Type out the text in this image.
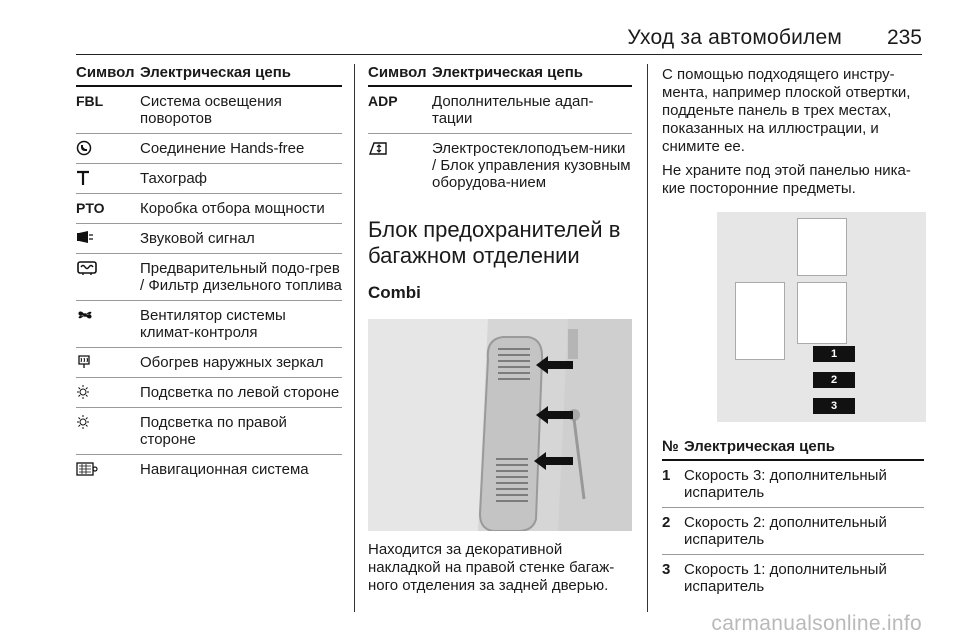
Уход за автомобилем 235
Символ Электрическая цепь
FBL	Система освещения поворотов
Соединение Hands-free
Тахограф
PTO	Коробка отбора мощности
Звуковой сигнал
Предварительный подо-грев / Фильтр дизельного топлива
Вентилятор системы климат-контроля
Обогрев наружных зеркал
Подсветка по левой стороне
Подсветка по правой стороне
Навигационная система
Символ Электрическая цепь
ADP	Дополнительные адап-тации
Электростеклоподъем-ники / Блок управления кузовным оборудова-нием
Блок предохранителей в багажном отделении
Combi
Находится за декоративной накладкой на правой стенке багаж-ного отделения за задней дверью.
С помощью подходящего инстру-мента, например плоской отвертки, подденьте панель в трех местах, показанных на иллюстрации, и снимите ее.
Не храните под этой панелью ника-кие посторонние предметы.
1
2
3
№ Электрическая цепь
1 Скорость 3: дополнительный испаритель
2 Скорость 2: дополнительный испаритель
3 Скорость 1: дополнительный испаритель
carmanualsonline.info
